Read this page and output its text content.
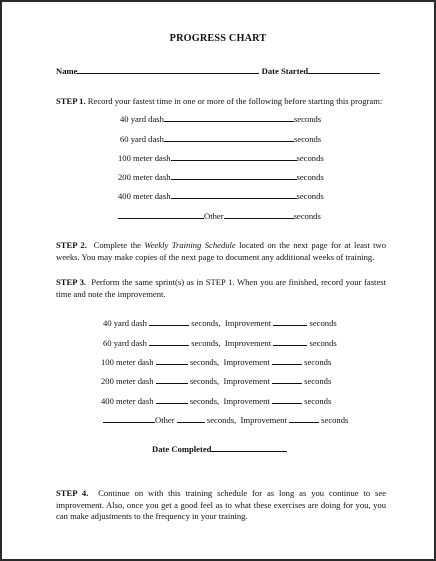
PROGRESS CHART
Name	Date Started
STEP 1. Record your fastest time in one or more of the following before starting this program:
40 yard dash	seconds
60 yard dash	seconds
100 meter dash	seconds
200 meter dash	seconds
400 meter dash	seconds
Other	seconds
STEP 2. Complete the Weekly Training Schedule located on the next page for at least two weeks. You may make copies of the next page to document any additional weeks of training.
STEP 3. Perform the same sprint(s) as in STEP 1. When you are finished, record your fastest time and note the improvement.
40 yard dash	seconds, Improvement	seconds
60 yard dash	seconds, Improvement	seconds
100 meter dash	seconds, Improvement	seconds
200 meter dash	seconds, Improvement	seconds
400 meter dash	seconds, Improvement	seconds
Other	seconds, Improvement	seconds
Date Completed
STEP 4. Continue on with this training schedule for as long as you continue to see improvement. Also, once you get a good feel as to what these exercises are doing for you, you can make adjustments to the frequency in your training.
